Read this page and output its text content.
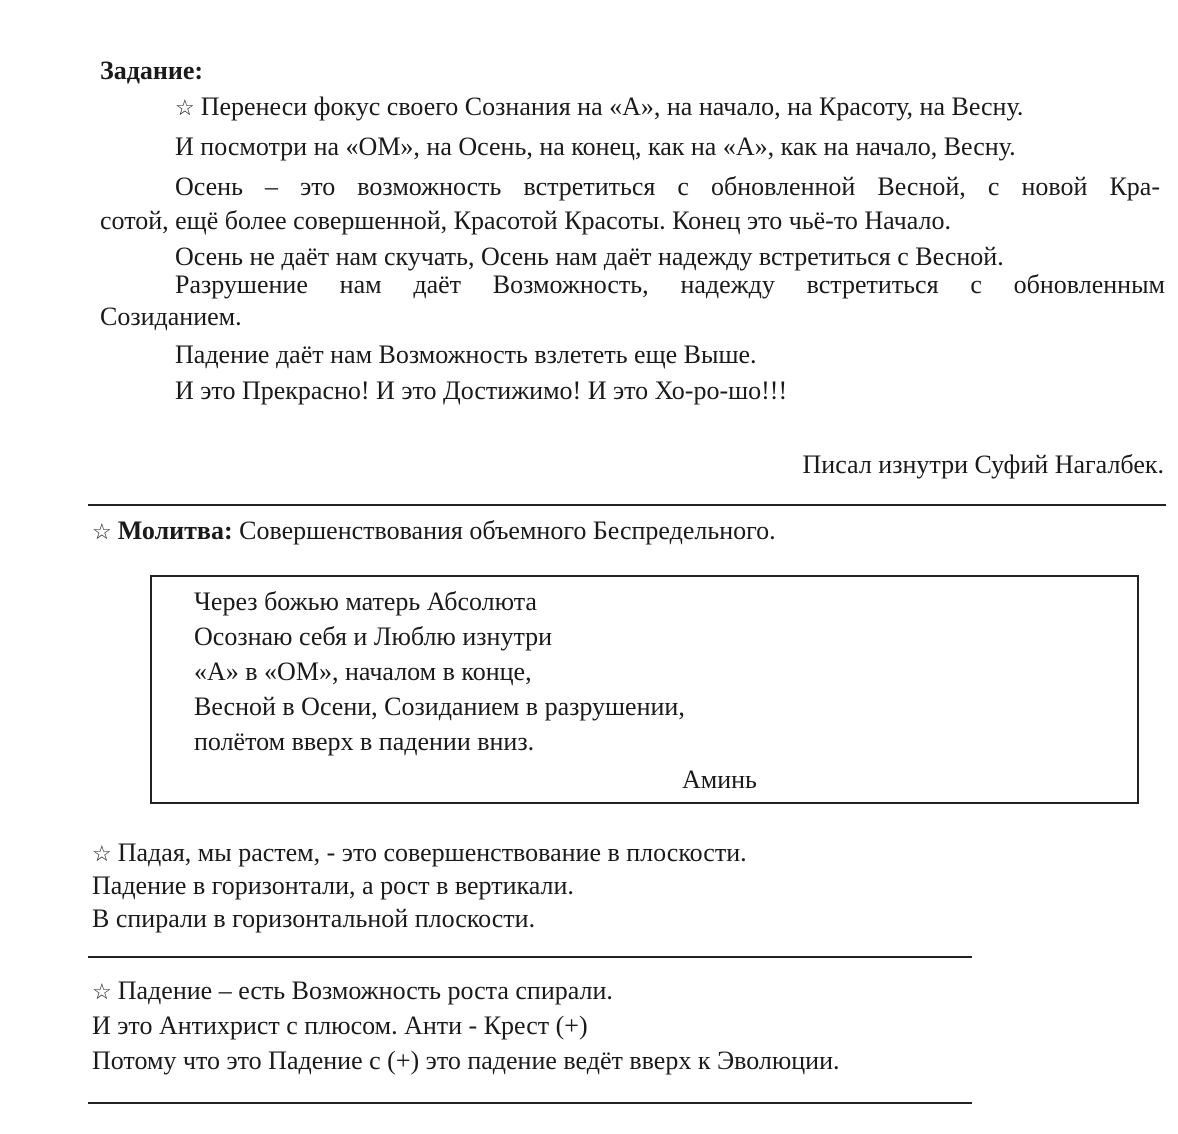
Задание:
☆ Перенеси фокус своего Сознания на «А», на начало, на Красоту, на Весну.
И посмотри на «ОМ», на Осень, на конец, как на «А», как на начало, Весну.
Осень – это возможность встретиться с обновленной Весной, с новой Кра-
сотой, ещё более совершенной, Красотой Красоты. Конец это чьё-то Начало.
Осень не даёт нам скучать, Осень нам даёт надежду встретиться с Весной.
Разрушение нам даёт Возможность, надежду встретиться с обновленным
Созиданием.
Падение даёт нам Возможность взлететь еще Выше.
И это Прекрасно! И это Достижимо! И это Хо-ро-шо!!!
Писал изнутри Суфий Нагалбек.
☆ Молитва: Совершенствования объемного Беспредельного.
Через божью матерь Абсолюта
Осознаю себя и Люблю изнутри
«А» в «ОМ», началом в конце,
Весной в Осени, Созиданием в разрушении,
полётом вверх в падении вниз.
Аминь
☆ Падая, мы растем, - это совершенствование в плоскости.
Падение в горизонтали, а рост в вертикали.
В спирали в горизонтальной плоскости.
☆ Падение – есть Возможность роста спирали.
И это Антихрист с плюсом. Анти - Крест (+)
Потому что это Падение с (+) это падение ведёт вверх к Эволюции.
